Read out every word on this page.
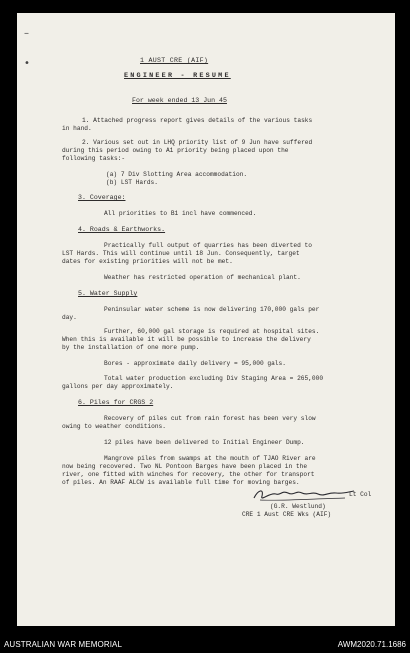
–
•	1 AUST CRE (AIF)
ENGINEER - RESUME
For week ended 13 Jun 45
1. Attached progress report gives details of the various tasks
in hand.
2. Various set out in LHQ priority list of 9 Jun have suffered
during this period owing to A1 priority being placed upon the
following tasks:-
(a) 7 Div Slotting Area accommodation.
(b) LST Hards.
3. Coverage:
All priorities to B1 incl have commenced.
4. Roads & Earthworks.
Practically full output of quarries has been diverted to
LST Hards. This will continue until 18 Jun. Consequently, target
dates for existing priorities will not be met.
Weather has restricted operation of mechanical plant.
5. Water Supply
Peninsular water scheme is now delivering 170,000 gals per
day.
Further, 60,000 gal storage is required at hospital sites.
When this is available it will be possible to increase the delivery
by the installation of one more pump.
Bores - approximate daily delivery = 95,000 gals.
Total water production excluding Div Staging Area = 265,000
gallons per day approximately.
6. Piles for CRGS 2
Recovery of piles cut from rain forest has been very slow
owing to weather conditions.
12 piles have been delivered to Initial Engineer Dump.
Mangrove piles from swamps at the mouth of TJAO River are
now being recovered. Two NL Pontoon Barges have been placed in the
river, one fitted with winches for recovery, the other for transport
of piles. An RAAF ALCW is available full time for moving barges.
Lt Col
(G.R. Westlund)
CRE 1 Aust CRE Wks (AIF)
AUSTRALIAN WAR MEMORIAL	AWM2020.71.1686
